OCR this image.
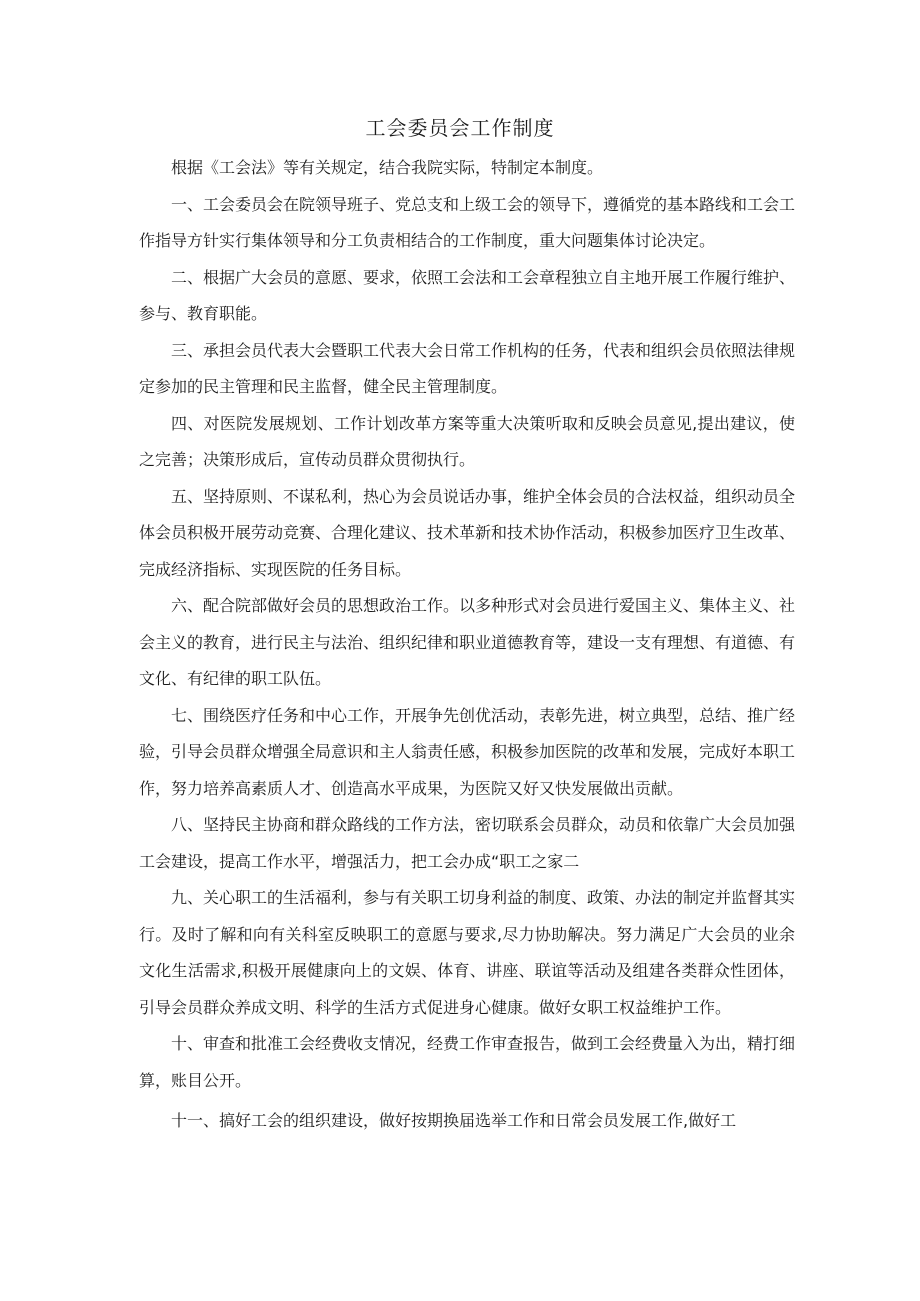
工会委员会工作制度

根据《工会法》等有关规定，结合我院实际，特制定本制度。

一、工会委员会在院领导班子、党总支和上级工会的领导下，遵循党的基本路线和工会工作指导方针实行集体领导和分工负责相结合的工作制度，重大问题集体讨论决定。

二、根据广大会员的意愿、要求，依照工会法和工会章程独立自主地开展工作履行维护、参与、教育职能。

三、承担会员代表大会暨职工代表大会日常工作机构的任务，代表和组织会员依照法律规定参加的民主管理和民主监督，健全民主管理制度。

四、对医院发展规划、工作计划改革方案等重大决策听取和反映会员意见,提出建议，使之完善；决策形成后，宣传动员群众贯彻执行。

五、坚持原则、不谋私利，热心为会员说话办事，维护全体会员的合法权益，组织动员全体会员积极开展劳动竞赛、合理化建议、技术革新和技术协作活动，积极参加医疗卫生改革、完成经济指标、实现医院的任务目标。

六、配合院部做好会员的思想政治工作。以多种形式对会员进行爱国主义、集体主义、社会主义的教育，进行民主与法治、组织纪律和职业道德教育等，建设一支有理想、有道德、有文化、有纪律的职工队伍。

七、围绕医疗任务和中心工作，开展争先创优活动，表彰先进，树立典型，总结、推广经验，引导会员群众增强全局意识和主人翁责任感，积极参加医院的改革和发展，完成好本职工作，努力培养高素质人才、创造高水平成果，为医院又好又快发展做出贡献。

八、坚持民主协商和群众路线的工作方法，密切联系会员群众，动员和依靠广大会员加强工会建设，提高工作水平，增强活力，把工会办成“职工之家二

九、关心职工的生活福利，参与有关职工切身利益的制度、政策、办法的制定并监督其实行。及时了解和向有关科室反映职工的意愿与要求,尽力协助解决。努力满足广大会员的业余文化生活需求,积极开展健康向上的文娱、体育、讲座、联谊等活动及组建各类群众性团体，引导会员群众养成文明、科学的生活方式促进身心健康。做好女职工权益维护工作。

十、审查和批准工会经费收支情况，经费工作审查报告，做到工会经费量入为出，精打细算，账目公开。

十一、搞好工会的组织建设，做好按期换届选举工作和日常会员发展工作,做好工
